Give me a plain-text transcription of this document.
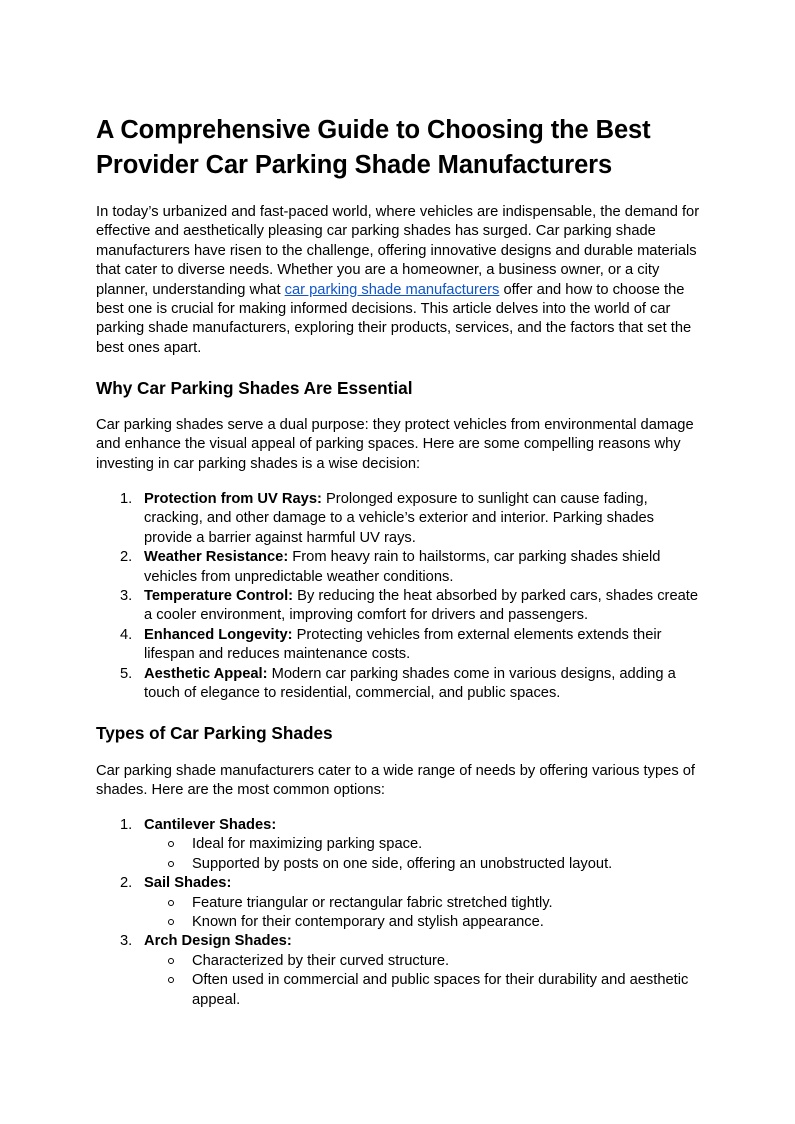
A Comprehensive Guide to Choosing the Best Provider Car Parking Shade Manufacturers

In today’s urbanized and fast-paced world, where vehicles are indispensable, the demand for effective and aesthetically pleasing car parking shades has surged. Car parking shade manufacturers have risen to the challenge, offering innovative designs and durable materials that cater to diverse needs. Whether you are a homeowner, a business owner, or a city planner, understanding what car parking shade manufacturers offer and how to choose the best one is crucial for making informed decisions. This article delves into the world of car parking shade manufacturers, exploring their products, services, and the factors that set the best ones apart.

Why Car Parking Shades Are Essential

Car parking shades serve a dual purpose: they protect vehicles from environmental damage and enhance the visual appeal of parking spaces. Here are some compelling reasons why investing in car parking shades is a wise decision:

1. Protection from UV Rays: Prolonged exposure to sunlight can cause fading, cracking, and other damage to a vehicle’s exterior and interior. Parking shades provide a barrier against harmful UV rays.
2. Weather Resistance: From heavy rain to hailstorms, car parking shades shield vehicles from unpredictable weather conditions.
3. Temperature Control: By reducing the heat absorbed by parked cars, shades create a cooler environment, improving comfort for drivers and passengers.
4. Enhanced Longevity: Protecting vehicles from external elements extends their lifespan and reduces maintenance costs.
5. Aesthetic Appeal: Modern car parking shades come in various designs, adding a touch of elegance to residential, commercial, and public spaces.
Types of Car Parking Shades

Car parking shade manufacturers cater to a wide range of needs by offering various types of shades. Here are the most common options:

1. Cantilever Shades:
Ideal for maximizing parking space.
Supported by posts on one side, offering an unobstructed layout.
2. Sail Shades:
Feature triangular or rectangular fabric stretched tightly.
Known for their contemporary and stylish appearance.
3. Arch Design Shades:
Characterized by their curved structure.
Often used in commercial and public spaces for their durability and aesthetic appeal.
